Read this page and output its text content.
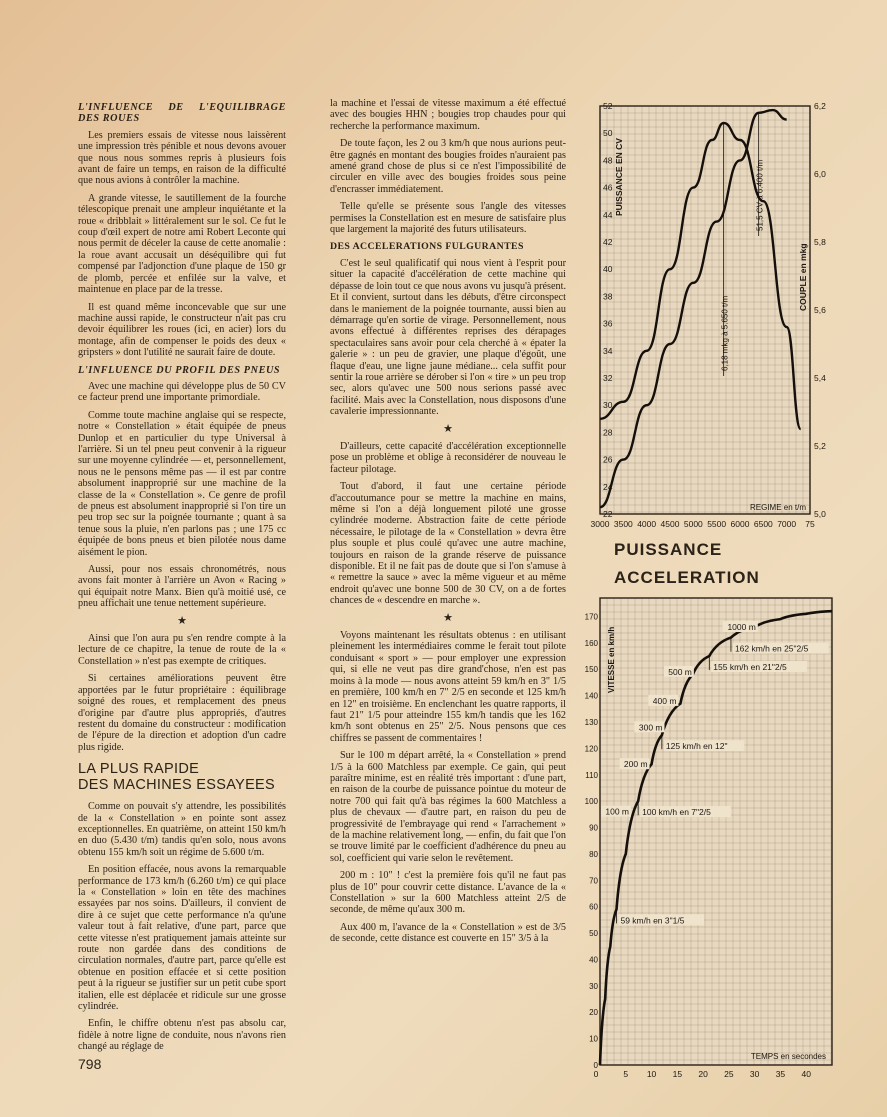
L'INFLUENCE DE L'EQUILIBRAGE DES ROUES

Les premiers essais de vitesse nous laissèrent une impression très pénible et nous devons avouer que nous nous sommes repris à plusieurs fois avant de faire un temps, en raison de la difficulté que nous avions à contrôler la machine.

A grande vitesse, le sautillement de la fourche télescopique prenait une ampleur inquiétante et la roue « dribblait » littéralement sur le sol. Ce fut le coup d'œil expert de notre ami Robert Leconte qui nous permit de déceler la cause de cette anomalie : la roue avant accusait un déséquilibre qui fut compensé par l'adjonction d'une plaque de 150 gr de plomb, percée et enfilée sur la valve, et maintenue en place par de la tresse.

Il est quand même inconcevable que sur une machine aussi rapide, le constructeur n'ait pas cru devoir équilibrer les roues (ici, en acier) lors du montage, afin de compenser le poids des deux « gripsters » dont l'utilité ne saurait faire de doute.

L'INFLUENCE DU PROFIL DES PNEUS

Avec une machine qui développe plus de 50 CV ce facteur prend une importante primordiale.

Comme toute machine anglaise qui se respecte, notre « Constellation » était équipée de pneus Dunlop et en particulier du type Universal à l'arrière. Si un tel pneu peut convenir à la rigueur sur une moyenne cylindrée — et, personnellement, nous ne le pensons même pas — il est par contre absolument inapproprié sur une machine de la classe de la « Constellation ». Ce genre de profil de pneus est absolument inapproprié si l'on tire un peu trop sec sur la poignée tournante ; quant à sa tenue sous la pluie, n'en parlons pas ; une 175 cc équipée de bons pneus et bien pilotée nous dame aisément le pion.

Aussi, pour nos essais chronométrés, nous avons fait monter à l'arrière un Avon « Racing » qui équipait notre Manx. Bien qu'à moitié usé, ce pneu affichait une tenue nettement supérieure.

★

Ainsi que l'on aura pu s'en rendre compte à la lecture de ce chapitre, la tenue de route de la « Constellation » n'est pas exempte de critiques.

Si certaines améliorations peuvent être apportées par le futur propriétaire : équilibrage soigné des roues, et remplacement des pneus d'origine par d'autre plus appropriés, d'autres restent du domaine du constructeur : modification de l'épure de la direction et adoption d'un cadre plus rigide.

LA PLUS RAPIDE
DES MACHINES ESSAYEES

Comme on pouvait s'y attendre, les possibilités de la « Constellation » en pointe sont assez exceptionnelles. En quatrième, on atteint 150 km/h en duo (5.430 t/m) tandis qu'en solo, nous avons obtenu 155 km/h soit un régime de 5.600 t/m.

En position effacée, nous avons la remarquable performance de 173 km/h (6.260 t/m) ce qui place la « Constellation » loin en tête des machines essayées par nos soins. D'ailleurs, il convient de dire à ce sujet que cette performance n'a qu'une valeur tout à fait relative, d'une part, parce que cette vitesse n'est pratiquement jamais atteinte sur route non gardée dans des conditions de circulation normales, d'autre part, parce qu'elle est obtenue en position effacée et si cette position peut à la rigueur se justifier sur un petit cube sport italien, elle est déplacée et ridicule sur une grosse cylindrée.

Enfin, le chiffre obtenu n'est pas absolu car, fidèle à notre ligne de conduite, nous n'avons rien changé au réglage de

la machine et l'essai de vitesse maximum a été effectué avec des bougies HHN ; bougies trop chaudes pour qui recherche la performance maximum.

De toute façon, les 2 ou 3 km/h que nous aurions peut-être gagnés en montant des bougies froides n'auraient pas amené grand chose de plus si ce n'est l'impossibilité de circuler en ville avec des bougies froides sous peine d'encrasser immédiatement.

Telle qu'elle se présente sous l'angle des vitesses permises la Constellation est en mesure de satisfaire plus que largement la majorité des futurs utilisateurs.

DES ACCELERATIONS FULGURANTES

C'est le seul qualificatif qui nous vient à l'esprit pour situer la capacité d'accélération de cette machine qui dépasse de loin tout ce que nous avons vu jusqu'à présent. Et il convient, surtout dans les débuts, d'être circonspect dans le maniement de la poignée tournante, aussi bien au démarrage qu'en sortie de virage. Personnellement, nous avons effectué à différentes reprises des dérapages spectaculaires sans avoir pour cela cherché à « épater la galerie » : un peu de gravier, une plaque d'égoût, une flaque d'eau, une ligne jaune médiane... cela suffit pour sentir la roue arrière se dérober si l'on « tire » un peu trop sec, alors qu'avec une 500 nous serions passé avec facilité. Mais avec la Constellation, nous disposons d'une cavalerie impressionnante.

★

D'ailleurs, cette capacité d'accélération exceptionnelle pose un problème et oblige à reconsidérer de nouveau le facteur pilotage.

Tout d'abord, il faut une certaine période d'accoutumance pour se mettre la machine en mains, même si l'on a déjà longuement piloté une grosse cylindrée moderne. Abstraction faite de cette période nécessaire, le pilotage de la « Constellation » devra être plus souple et plus coulé qu'avec une autre machine, toujours en raison de la grande réserve de puissance disponible. Et il ne fait pas de doute que si l'on s'amuse à « remettre la sauce » avec la même vigueur et au même endroit qu'avec une bonne 500 de 30 CV, on a de fortes chances de « descendre en marche ».

★

Voyons maintenant les résultats obtenus : en utilisant pleinement les intermédiaires comme le ferait tout pilote conduisant « sport » — pour employer une expression qui, si elle ne veut pas dire grand'chose, n'en est pas moins à la mode — nous avons atteint 59 km/h en 3" 1/5 en première, 100 km/h en 7" 2/5 en seconde et 125 km/h en 12" en troisième. En enclenchant les quatre rapports, il faut 21" 1/5 pour atteindre 155 km/h tandis que les 162 km/h sont obtenus en 25" 2/5. Nous pensons que ces chiffres se passent de commentaires !

Sur le 100 m départ arrêté, la « Constellation » prend 1/5 à la 600 Matchless par exemple. Ce gain, qui peut paraître minime, est en réalité très important : d'une part, en raison de la courbe de puissance pointue du moteur de notre 700 qui fait qu'à bas régimes la 600 Matchless a plus de chevaux — d'autre part, en raison du peu de progressivité de l'embrayage qui rend « l'arrachement » de la machine relativement long, — enfin, du fait que l'on se trouve limité par le coefficient d'adhérence du pneu au sol, coefficient qui varie selon le revêtement.

200 m : 10" ! c'est la première fois qu'il ne faut pas plus de 10" pour couvrir cette distance. L'avance de la « Constellation » sur la 600 Matchless atteint 2/5 de seconde, de même qu'aux 300 m.

Aux 400 m, l'avance de la « Constellation » est de 3/5 de seconde, cette distance est couverte en 15" 3/5 à la

798
PUISSANCE
ACCELERATION
52
50
48
46
44
42
40
38
36
34
32
30
28
26
24
22
6,2
6,0
5,8
5,6
5,4
5,2
5,0
3000 3500 4000 4500 5000 5500 6000 6500 7000 75
REGIME en t/m
PUISSANCE EN CV
COUPLE en mkg
51,5 CV à 6.400 t/m
6,18 mkg à 5.650 t/m
0
10
20
30
40
50
60
70
80
90
100
110
120
130
140
150
160
170
0	5 10 15 20 25 30 35 40
TEMPS en secondes
VITESSE en km/h
100 m
200 m
300 m
400 m
500 m
1000 m
59 km/h en 3"1/5
100 km/h en 7"2/5
125 km/h en 12"
155 km/h en 21"2/5
162 km/h en 25"2/5
